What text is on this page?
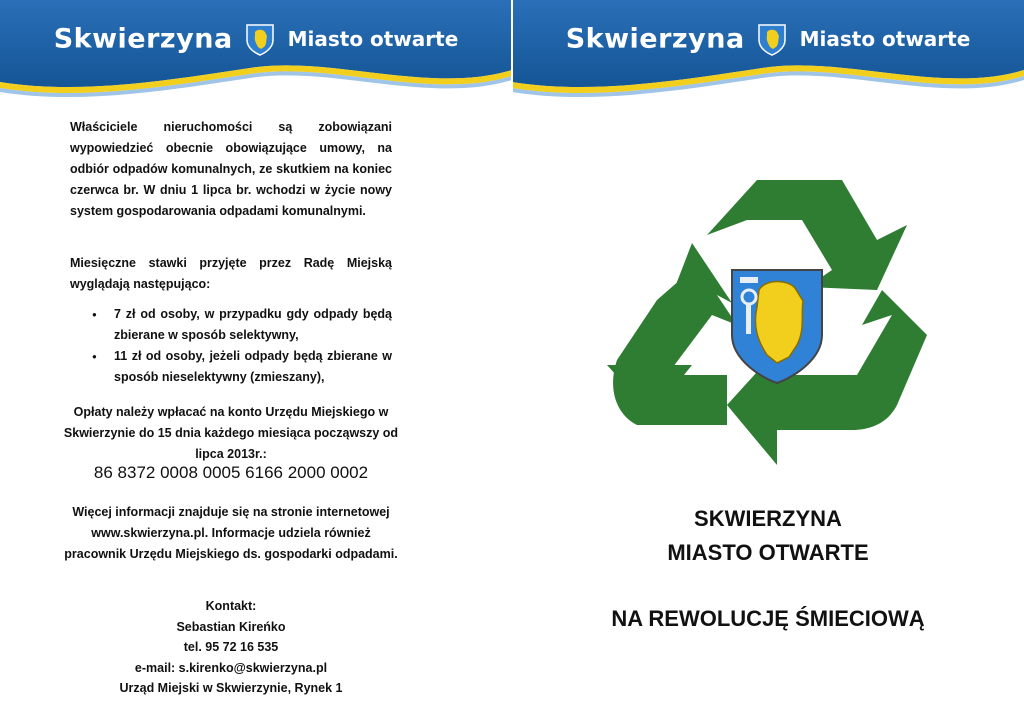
Skwierzyna	Miasto otwarte
Właściciele nieruchomości są zobowiązani wypowiedzieć obecnie obowiązujące umowy, na odbiór odpadów komunalnych, ze skutkiem na koniec czerwca br. W dniu 1 lipca br. wchodzi w życie nowy system gospodarowania odpadami komunalnymi.
Miesięczne stawki przyjęte przez Radę Miejską wyglądają następująco:
● 7 zł od osoby, w przypadku gdy odpady będą zbierane w sposób selektywny,
● 11 zł od osoby, jeżeli odpady będą zbierane w sposób nieselektywny (zmieszany),
Opłaty należy wpłacać na konto Urzędu Miejskiego w Skwierzynie do 15 dnia każdego miesiąca począwszy od lipca 2013r.:
86 8372 0008 0005 6166 2000 0002
Więcej informacji znajduje się na stronie internetowej www.skwierzyna.pl. Informacje udziela również pracownik Urzędu Miejskiego ds. gospodarki odpadami.
Kontakt:
Sebastian Kireńko
tel. 95 72 16 535
e-mail: s.kirenko@skwierzyna.pl
Urząd Miejski w Skwierzynie, Rynek 1
Skwierzyna	Miasto otwarte
SKWIERZYNA
MIASTO OTWARTE
NA REWOLUCJĘ ŚMIECIOWĄ
